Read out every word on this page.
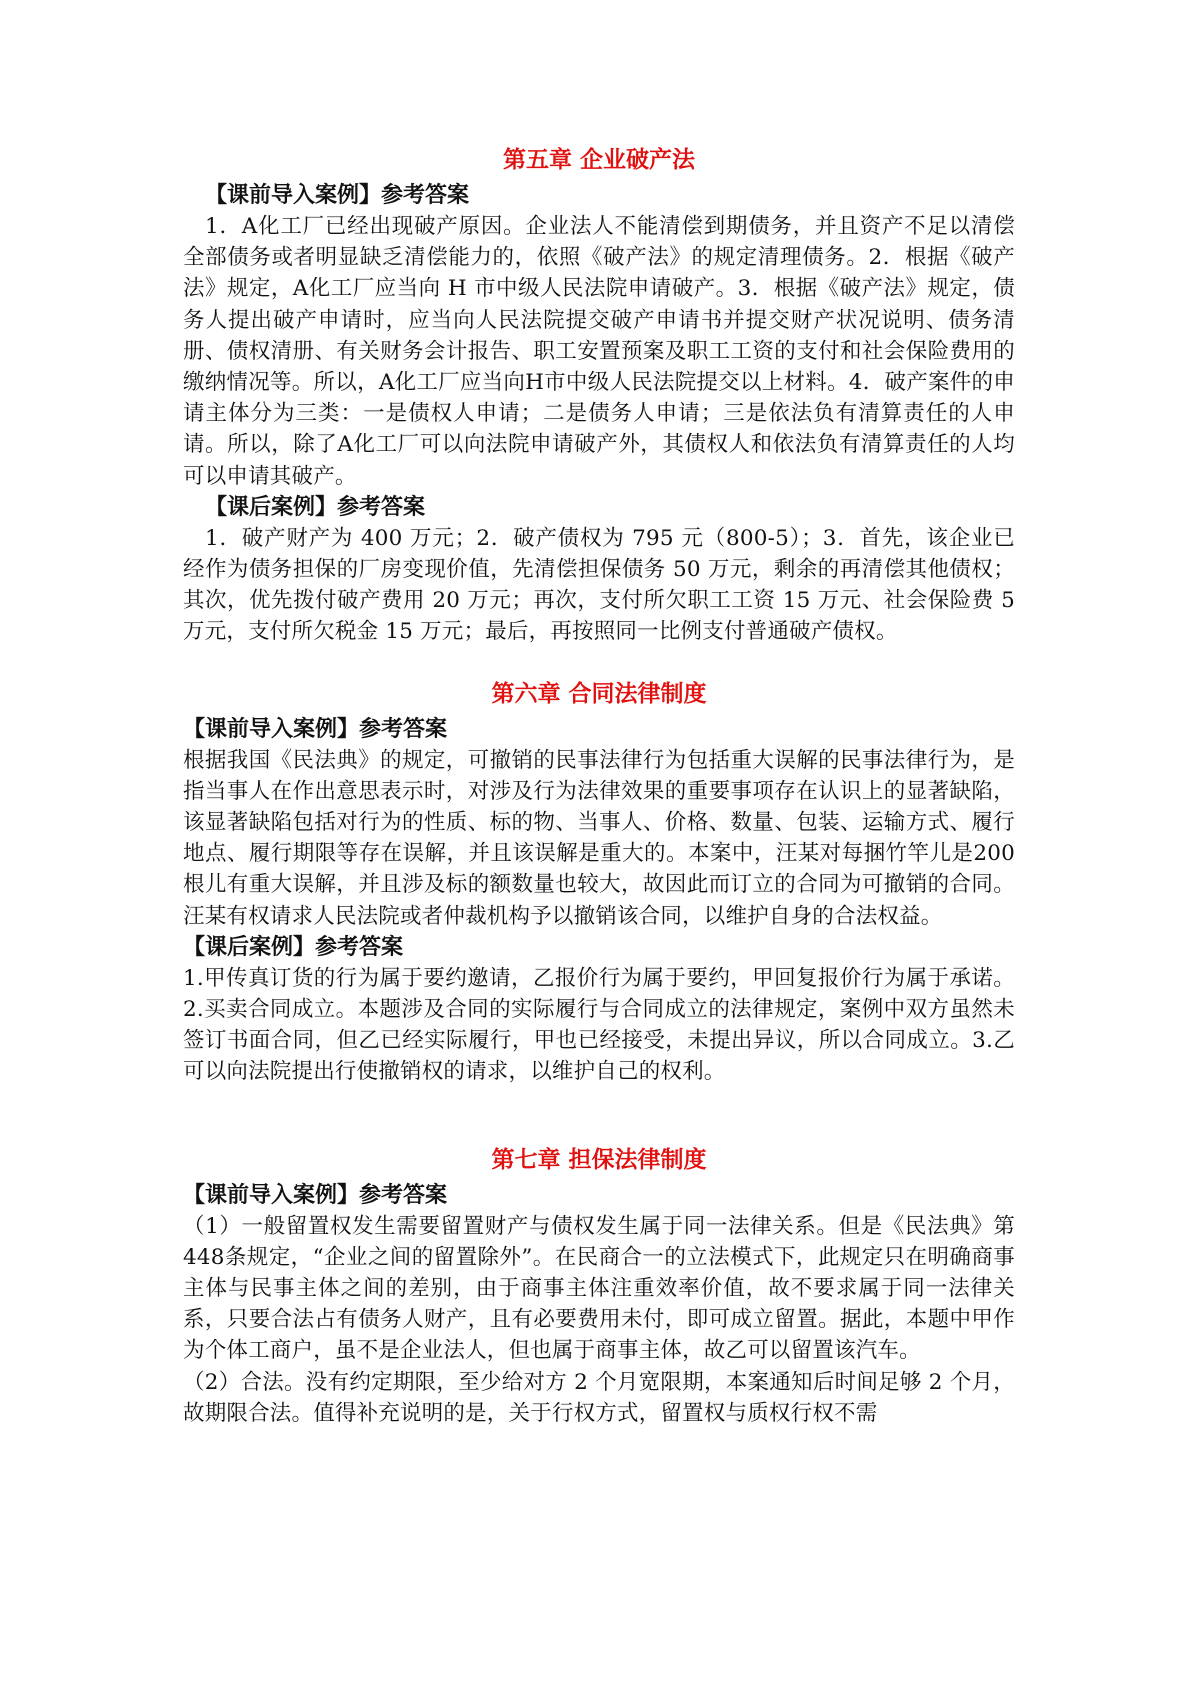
第五章 企业破产法
【课前导入案例】参考答案

1．A化工厂已经出现破产原因。企业法人不能清偿到期债务，并且资产不足以清偿全部债务或者明显缺乏清偿能力的，依照《破产法》的规定清理债务。2．根据《破产法》规定，A化工厂应当向 H 市中级人民法院申请破产。3．根据《破产法》规定，债务人提出破产申请时，应当向人民法院提交破产申请书并提交财产状况说明、债务清册、债权清册、有关财务会计报告、职工安置预案及职工工资的支付和社会保险费用的缴纳情况等。所以，A化工厂应当向H市中级人民法院提交以上材料。4．破产案件的申请主体分为三类：一是债权人申请；二是债务人申请；三是依法负有清算责任的人申请。所以，除了A化工厂可以向法院申请破产外，其债权人和依法负有清算责任的人均可以申请其破产。

【课后案例】参考答案

1．破产财产为 400 万元；2．破产债权为 795 元（800-5）；3．首先，该企业已经作为债务担保的厂房变现价值，先清偿担保债务 50 万元，剩余的再清偿其他债权；其次，优先拨付破产费用 20 万元；再次，支付所欠职工工资 15 万元、社会保险费 5 万元，支付所欠税金 15 万元；最后，再按照同一比例支付普通破产债权。

第六章 合同法律制度
【课前导入案例】参考答案

根据我国《民法典》的规定，可撤销的民事法律行为包括重大误解的民事法律行为，是指当事人在作出意思表示时，对涉及行为法律效果的重要事项存在认识上的显著缺陷，该显著缺陷包括对行为的性质、标的物、当事人、价格、数量、包装、运输方式、履行地点、履行期限等存在误解，并且该误解是重大的。本案中，汪某对每捆竹竿儿是200根儿有重大误解，并且涉及标的额数量也较大，故因此而订立的合同为可撤销的合同。汪某有权请求人民法院或者仲裁机构予以撤销该合同，以维护自身的合法权益。

【课后案例】参考答案

1.甲传真订货的行为属于要约邀请，乙报价行为属于要约，甲回复报价行为属于承诺。2.买卖合同成立。本题涉及合同的实际履行与合同成立的法律规定，案例中双方虽然未签订书面合同，但乙已经实际履行，甲也已经接受，未提出异议，所以合同成立。3.乙可以向法院提出行使撤销权的请求，以维护自己的权利。

第七章 担保法律制度
【课前导入案例】参考答案

（1）一般留置权发生需要留置财产与债权发生属于同一法律关系。但是《民法典》第448条规定，“企业之间的留置除外”。在民商合一的立法模式下，此规定只在明确商事主体与民事主体之间的差别，由于商事主体注重效率价值，故不要求属于同一法律关系，只要合法占有债务人财产，且有必要费用未付，即可成立留置。据此，本题中甲作为个体工商户，虽不是企业法人，但也属于商事主体，故乙可以留置该汽车。

（2）合法。没有约定期限，至少给对方 2 个月宽限期，本案通知后时间足够 2 个月，故期限合法。值得补充说明的是，关于行权方式，留置权与质权行权不需
